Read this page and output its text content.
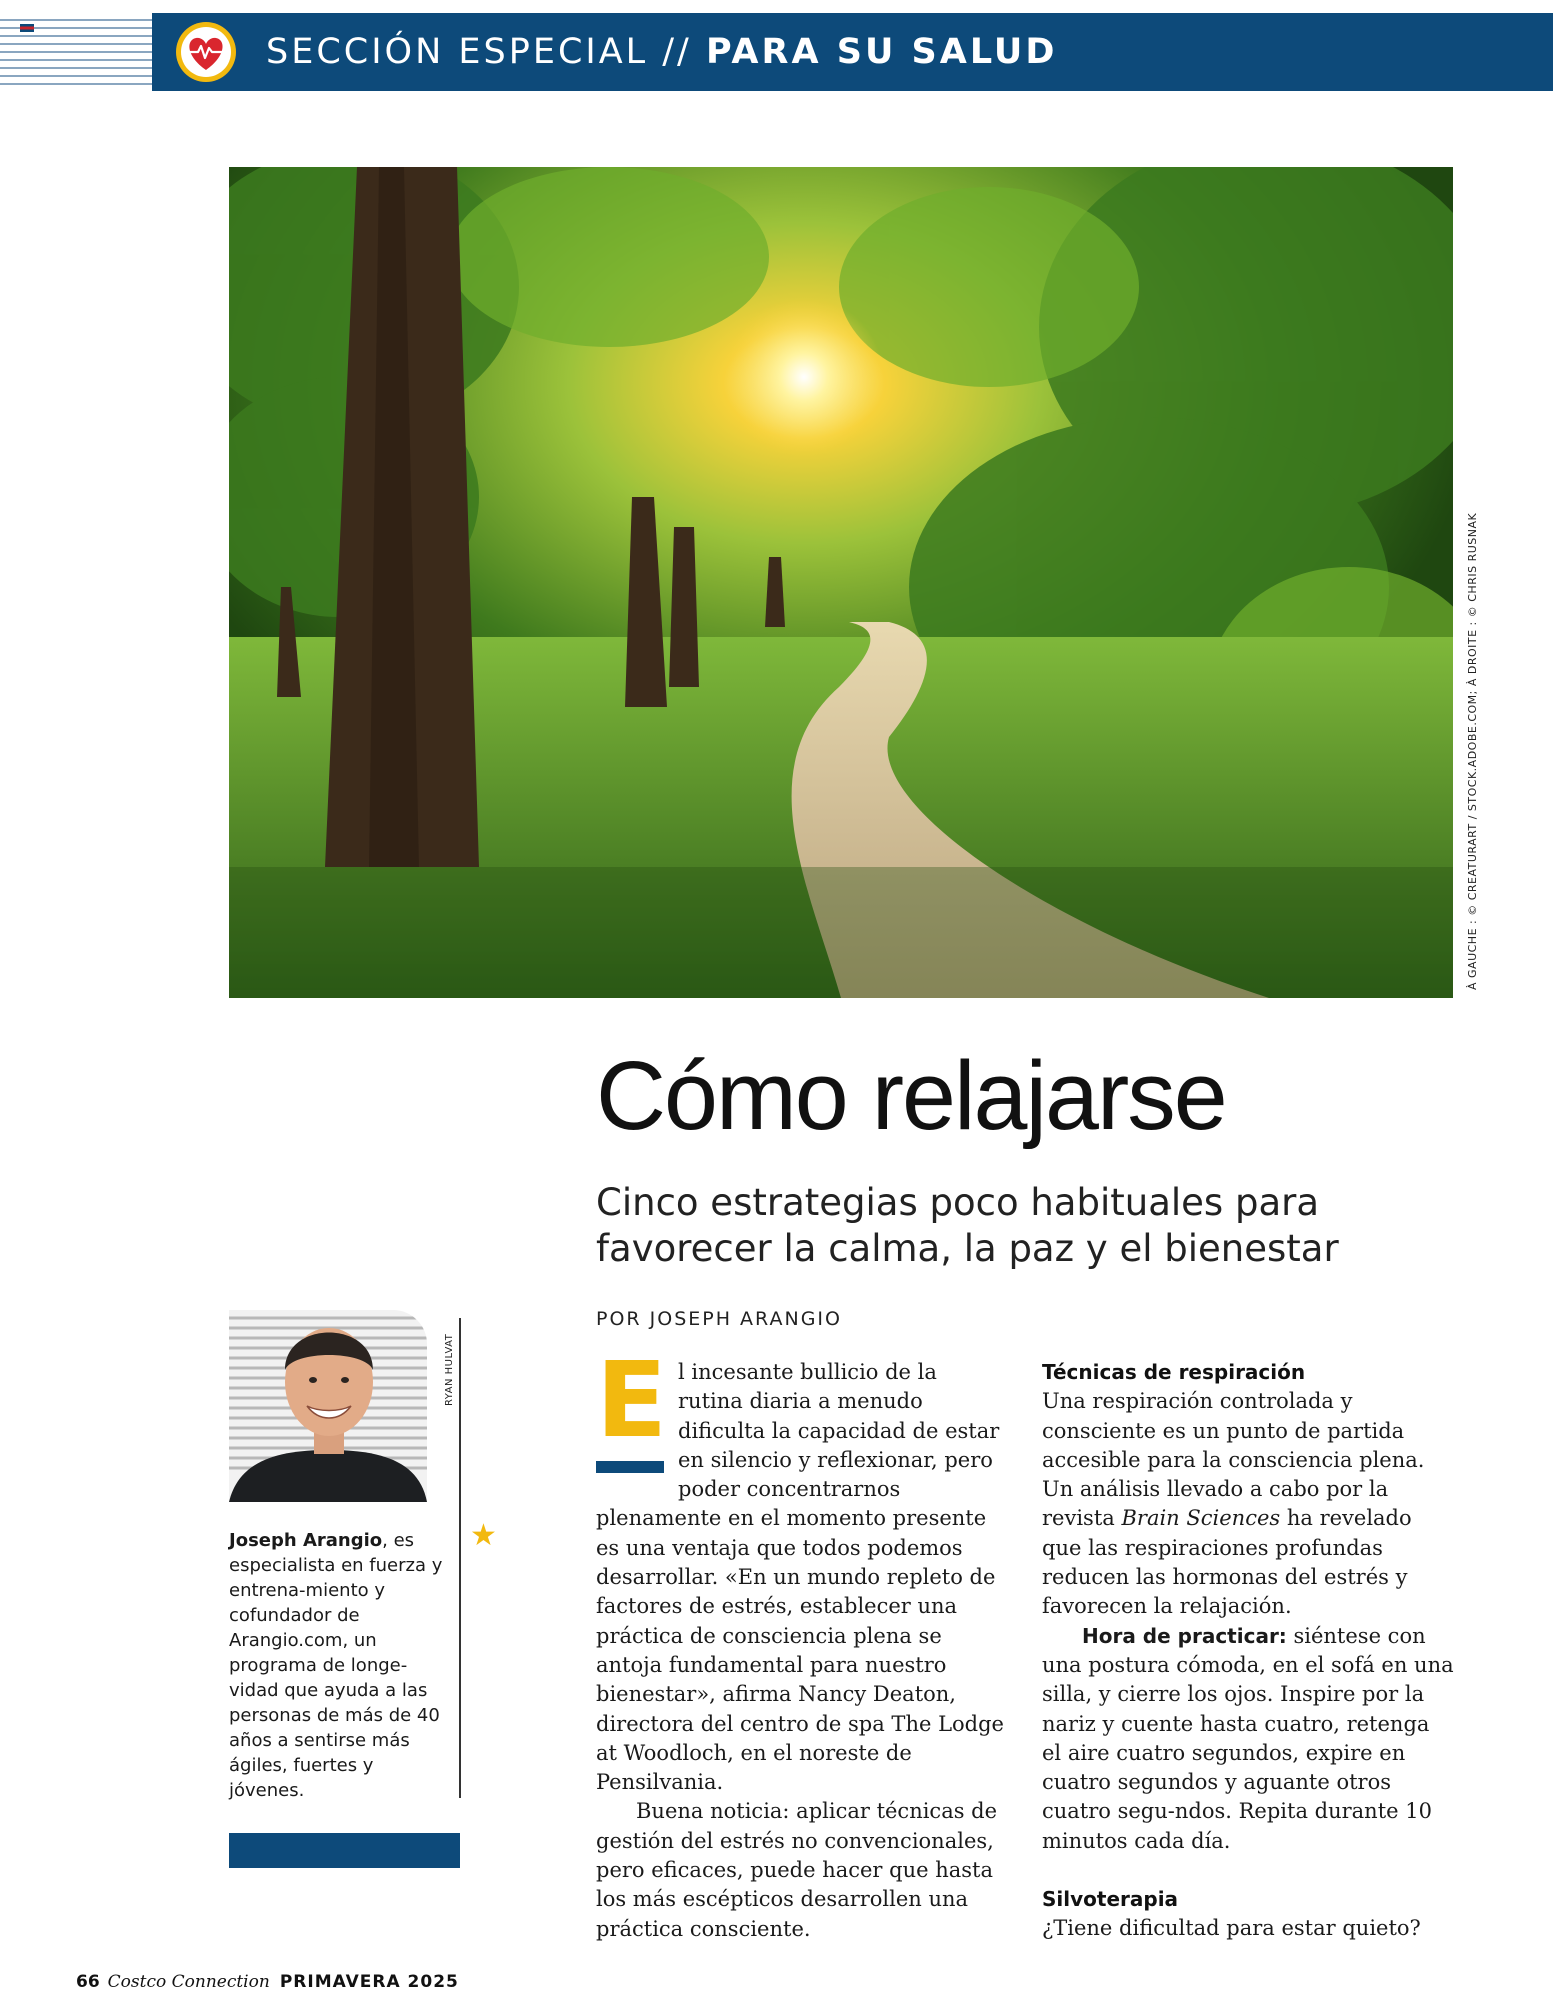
SECCIÓN ESPECIAL // PARA SU SALUD
À GAUCHE : © CREATURART / STOCK.ADOBE.COM; À DROITE : © CHRIS RUSNAK
Cómo relajarse

Cinco estrategias poco habituales para favorecer la calma, la paz y el bienestar

POR JOSEPH ARANGIO
RYAN HULVAT

Joseph Arangio, es especialista en fuerza y entrena-miento y cofundador de Arangio.com, un programa de longe-vidad que ayuda a las personas de más de 40 años a sentirse más ágiles, fuertes y jóvenes.

★
E l incesante bullicio de la rutina diaria a menudo dificulta la capacidad de estar en silencio y reflexionar, pero poder concentrarnos plenamente en el momento presente es una ventaja que todos podemos desarrollar. «En un mundo repleto de factores de estrés, establecer una práctica de consciencia plena se antoja fundamental para nuestro bienestar», afirma Nancy Deaton, directora del centro de spa The Lodge at Woodloch, en el noreste de Pensilvania.

Buena noticia: aplicar técnicas de gestión del estrés no convencionales, pero eficaces, puede hacer que hasta los más escépticos desarrollen una práctica consciente.

Técnicas de respiración

Una respiración controlada y consciente es un punto de partida accesible para la consciencia plena. Un análisis llevado a cabo por la revista Brain Sciences ha revelado que las respiraciones profundas reducen las hormonas del estrés y favorecen la relajación.

Hora de practicar: siéntese con una postura cómoda, en el sofá en una silla, y cierre los ojos. Inspire por la nariz y cuente hasta cuatro, retenga el aire cuatro segundos, expire en cuatro segundos y aguante otros cuatro segu-ndos. Repita durante 10 minutos cada día.

Silvoterapia

¿Tiene dificultad para estar quieto?

66 Costco Connection PRIMAVERA 2025
